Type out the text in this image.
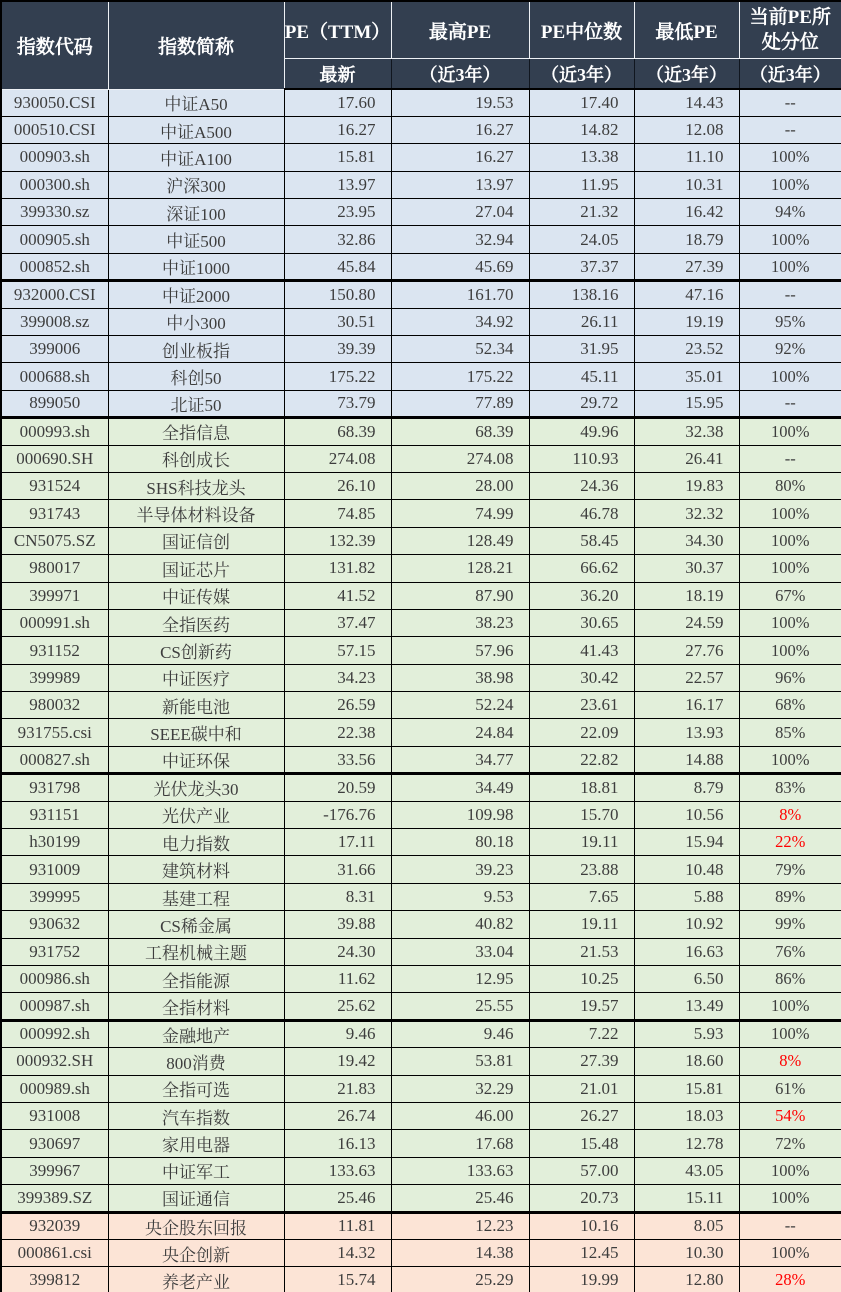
指数代码	指数简称	PE（TTM）	最高PE	PE中位数	最低PE	当前PE所处分位
		最新	（近3年）	（近3年）	（近3年）	（近3年）
930050.CSI	中证A50	17.60	19.53	17.40	14.43	--
000510.CSI	中证A500	16.27	16.27	14.82	12.08	--
000903.sh	中证A100	15.81	16.27	13.38	11.10	100%
000300.sh	沪深300	13.97	13.97	11.95	10.31	100%
399330.sz	深证100	23.95	27.04	21.32	16.42	94%
000905.sh	中证500	32.86	32.94	24.05	18.79	100%
000852.sh	中证1000	45.84	45.69	37.37	27.39	100%
932000.CSI	中证2000	150.80	161.70	138.16	47.16	--
399008.sz	中小300	30.51	34.92	26.11	19.19	95%
399006	创业板指	39.39	52.34	31.95	23.52	92%
000688.sh	科创50	175.22	175.22	45.11	35.01	100%
899050	北证50	73.79	77.89	29.72	15.95	--
000993.sh	全指信息	68.39	68.39	49.96	32.38	100%
000690.SH	科创成长	274.08	274.08	110.93	26.41	--
931524	SHS科技龙头	26.10	28.00	24.36	19.83	80%
931743	半导体材料设备	74.85	74.99	46.78	32.32	100%
CN5075.SZ	国证信创	132.39	128.49	58.45	34.30	100%
980017	国证芯片	131.82	128.21	66.62	30.37	100%
399971	中证传媒	41.52	87.90	36.20	18.19	67%
000991.sh	全指医药	37.47	38.23	30.65	24.59	100%
931152	CS创新药	57.15	57.96	41.43	27.76	100%
399989	中证医疗	34.23	38.98	30.42	22.57	96%
980032	新能电池	26.59	52.24	23.61	16.17	68%
931755.csi	SEEE碳中和	22.38	24.84	22.09	13.93	85%
000827.sh	中证环保	33.56	34.77	22.82	14.88	100%
931798	光伏龙头30	20.59	34.49	18.81	8.79	83%
931151	光伏产业	-176.76	109.98	15.70	10.56	8%
h30199	电力指数	17.11	80.18	19.11	15.94	22%
931009	建筑材料	31.66	39.23	23.88	10.48	79%
399995	基建工程	8.31	9.53	7.65	5.88	89%
930632	CS稀金属	39.88	40.82	19.11	10.92	99%
931752	工程机械主题	24.30	33.04	21.53	16.63	76%
000986.sh	全指能源	11.62	12.95	10.25	6.50	86%
000987.sh	全指材料	25.62	25.55	19.57	13.49	100%
000992.sh	金融地产	9.46	9.46	7.22	5.93	100%
000932.SH	800消费	19.42	53.81	27.39	18.60	8%
000989.sh	全指可选	21.83	32.29	21.01	15.81	61%
931008	汽车指数	26.74	46.00	26.27	18.03	54%
930697	家用电器	16.13	17.68	15.48	12.78	72%
399967	中证军工	133.63	133.63	57.00	43.05	100%
399389.SZ	国证通信	25.46	25.46	20.73	15.11	100%
932039	央企股东回报	11.81	12.23	10.16	8.05	--
000861.csi	央企创新	14.32	14.38	12.45	10.30	100%
399812	养老产业	15.74	25.29	19.99	12.80	28%
